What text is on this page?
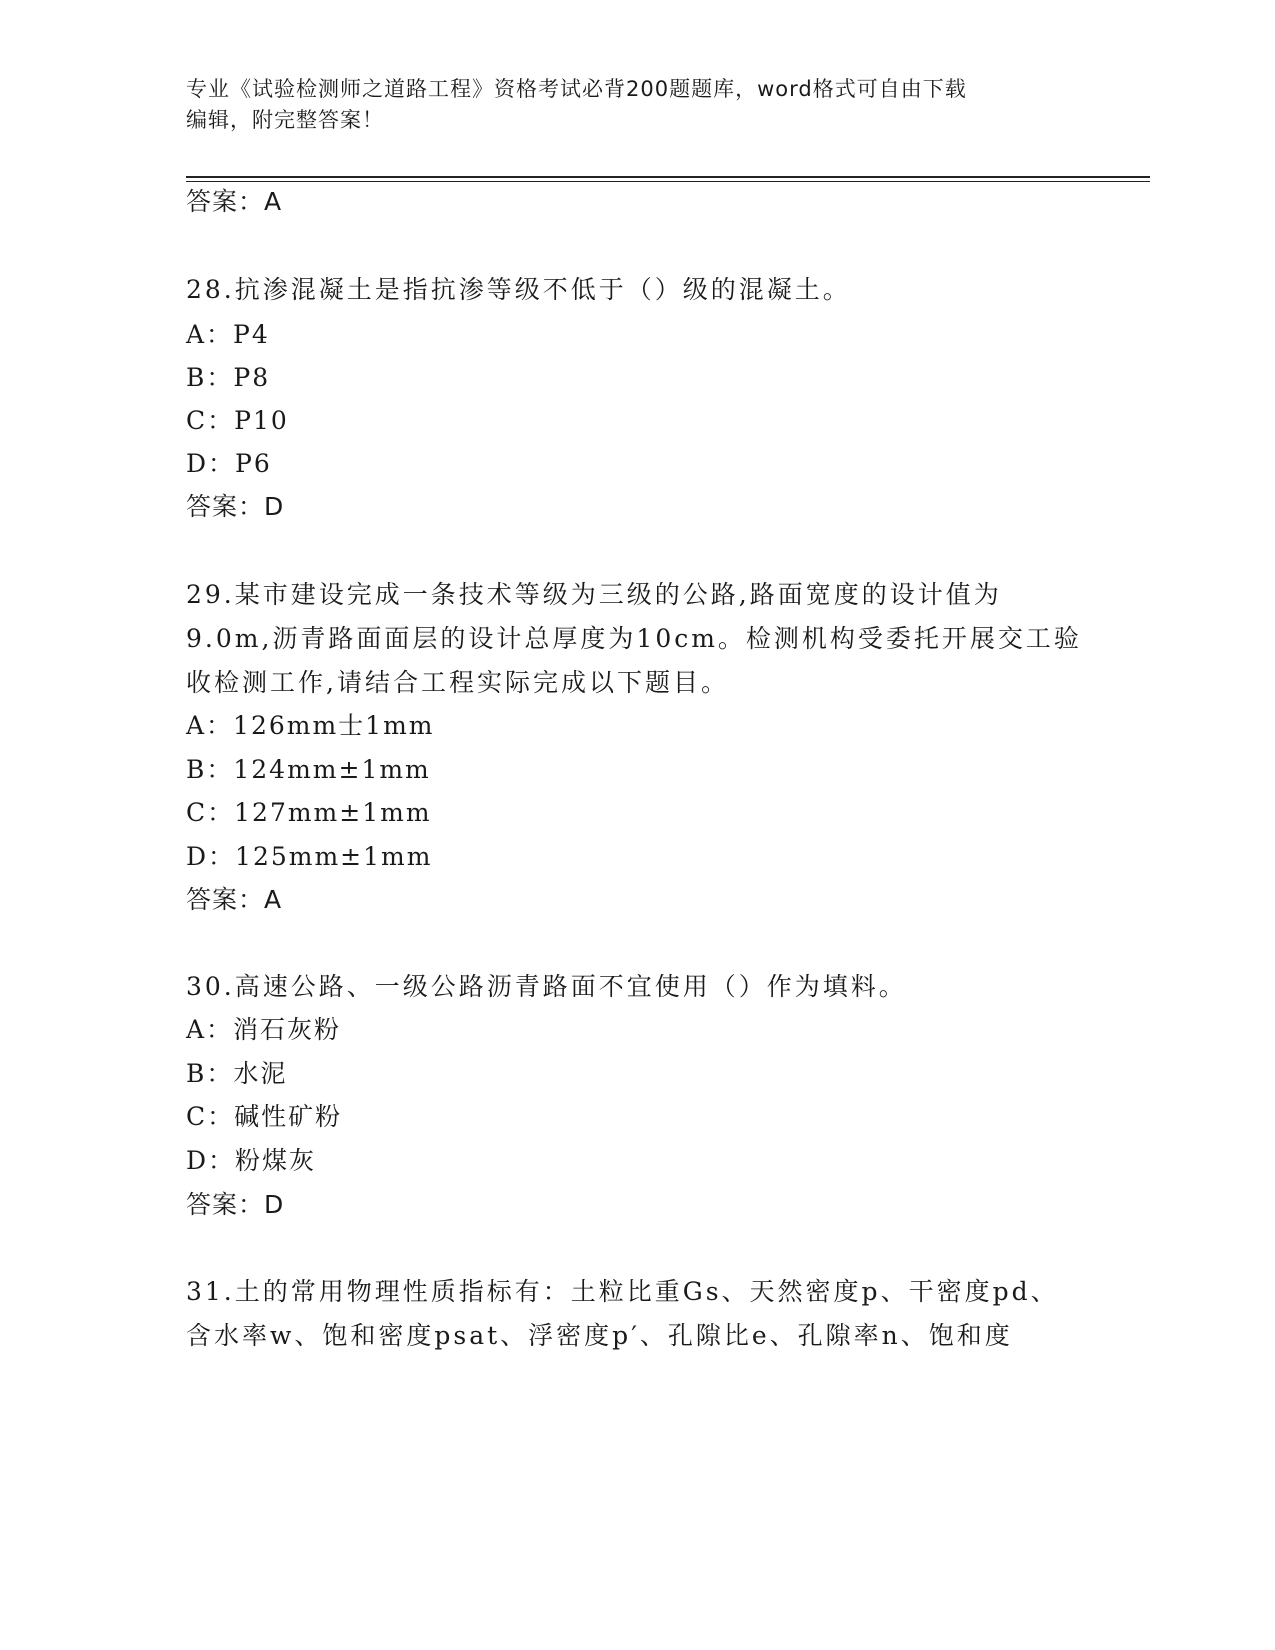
专业《试验检测师之道路工程》资格考试必背200题题库，word格式可自由下载
编辑，附完整答案！
答案：A
28.抗渗混凝土是指抗渗等级不低于（）级的混凝土。
A：P4
B：P8
C：P10
D：P6
答案：D
29.某市建设完成一条技术等级为三级的公路,路面宽度的设计值为
9.0m,沥青路面面层的设计总厚度为10cm。检测机构受委托开展交工验
收检测工作,请结合工程实际完成以下题目。
A：126mm士1mm
B：124mm±1mm
C：127mm±1mm
D：125mm±1mm
答案：A
30.高速公路、一级公路沥青路面不宜使用（）作为填料。
A：消石灰粉
B：水泥
C：碱性矿粉
D：粉煤灰
答案：D
31.土的常用物理性质指标有：土粒比重Gs、天然密度p、干密度pd、
含水率w、饱和密度psat、浮密度p′、孔隙比e、孔隙率n、饱和度
